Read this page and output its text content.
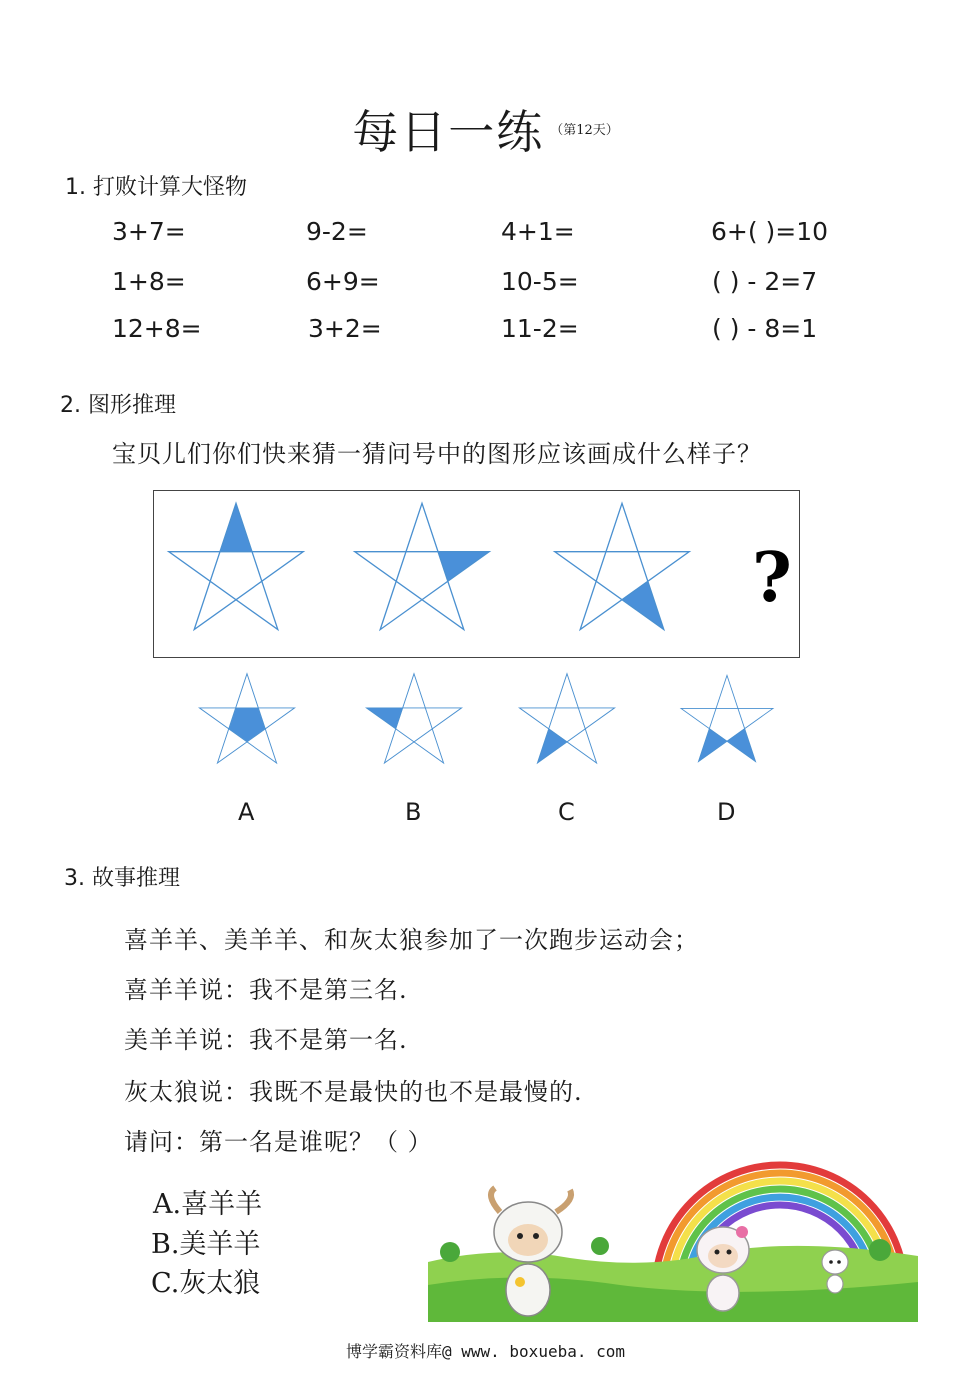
每日一练 $^{(第12天)}$
1. 打败计算大怪物
3+7=	9-2=	4+1=	6+( )=10
1+8=	6+9=	10-5=	( ) - 2=7
12+8=	3+2=	11-2=	( ) - 8=1
2. 图形推理
宝贝儿们你们快来猜一猜问号中的图形应该画成什么样子？
?
A	B	C	D
3. 故事推理
喜羊羊、美羊羊、和灰太狼参加了一次跑步运动会；
喜羊羊说：我不是第三名.
美羊羊说：我不是第一名.
灰太狼说：我既不是最快的也不是最慢的.
请问：第一名是谁呢？（ ）
A.喜羊羊
B.美羊羊
C.灰太狼
博学霸资料库@ www. boxueba. com
